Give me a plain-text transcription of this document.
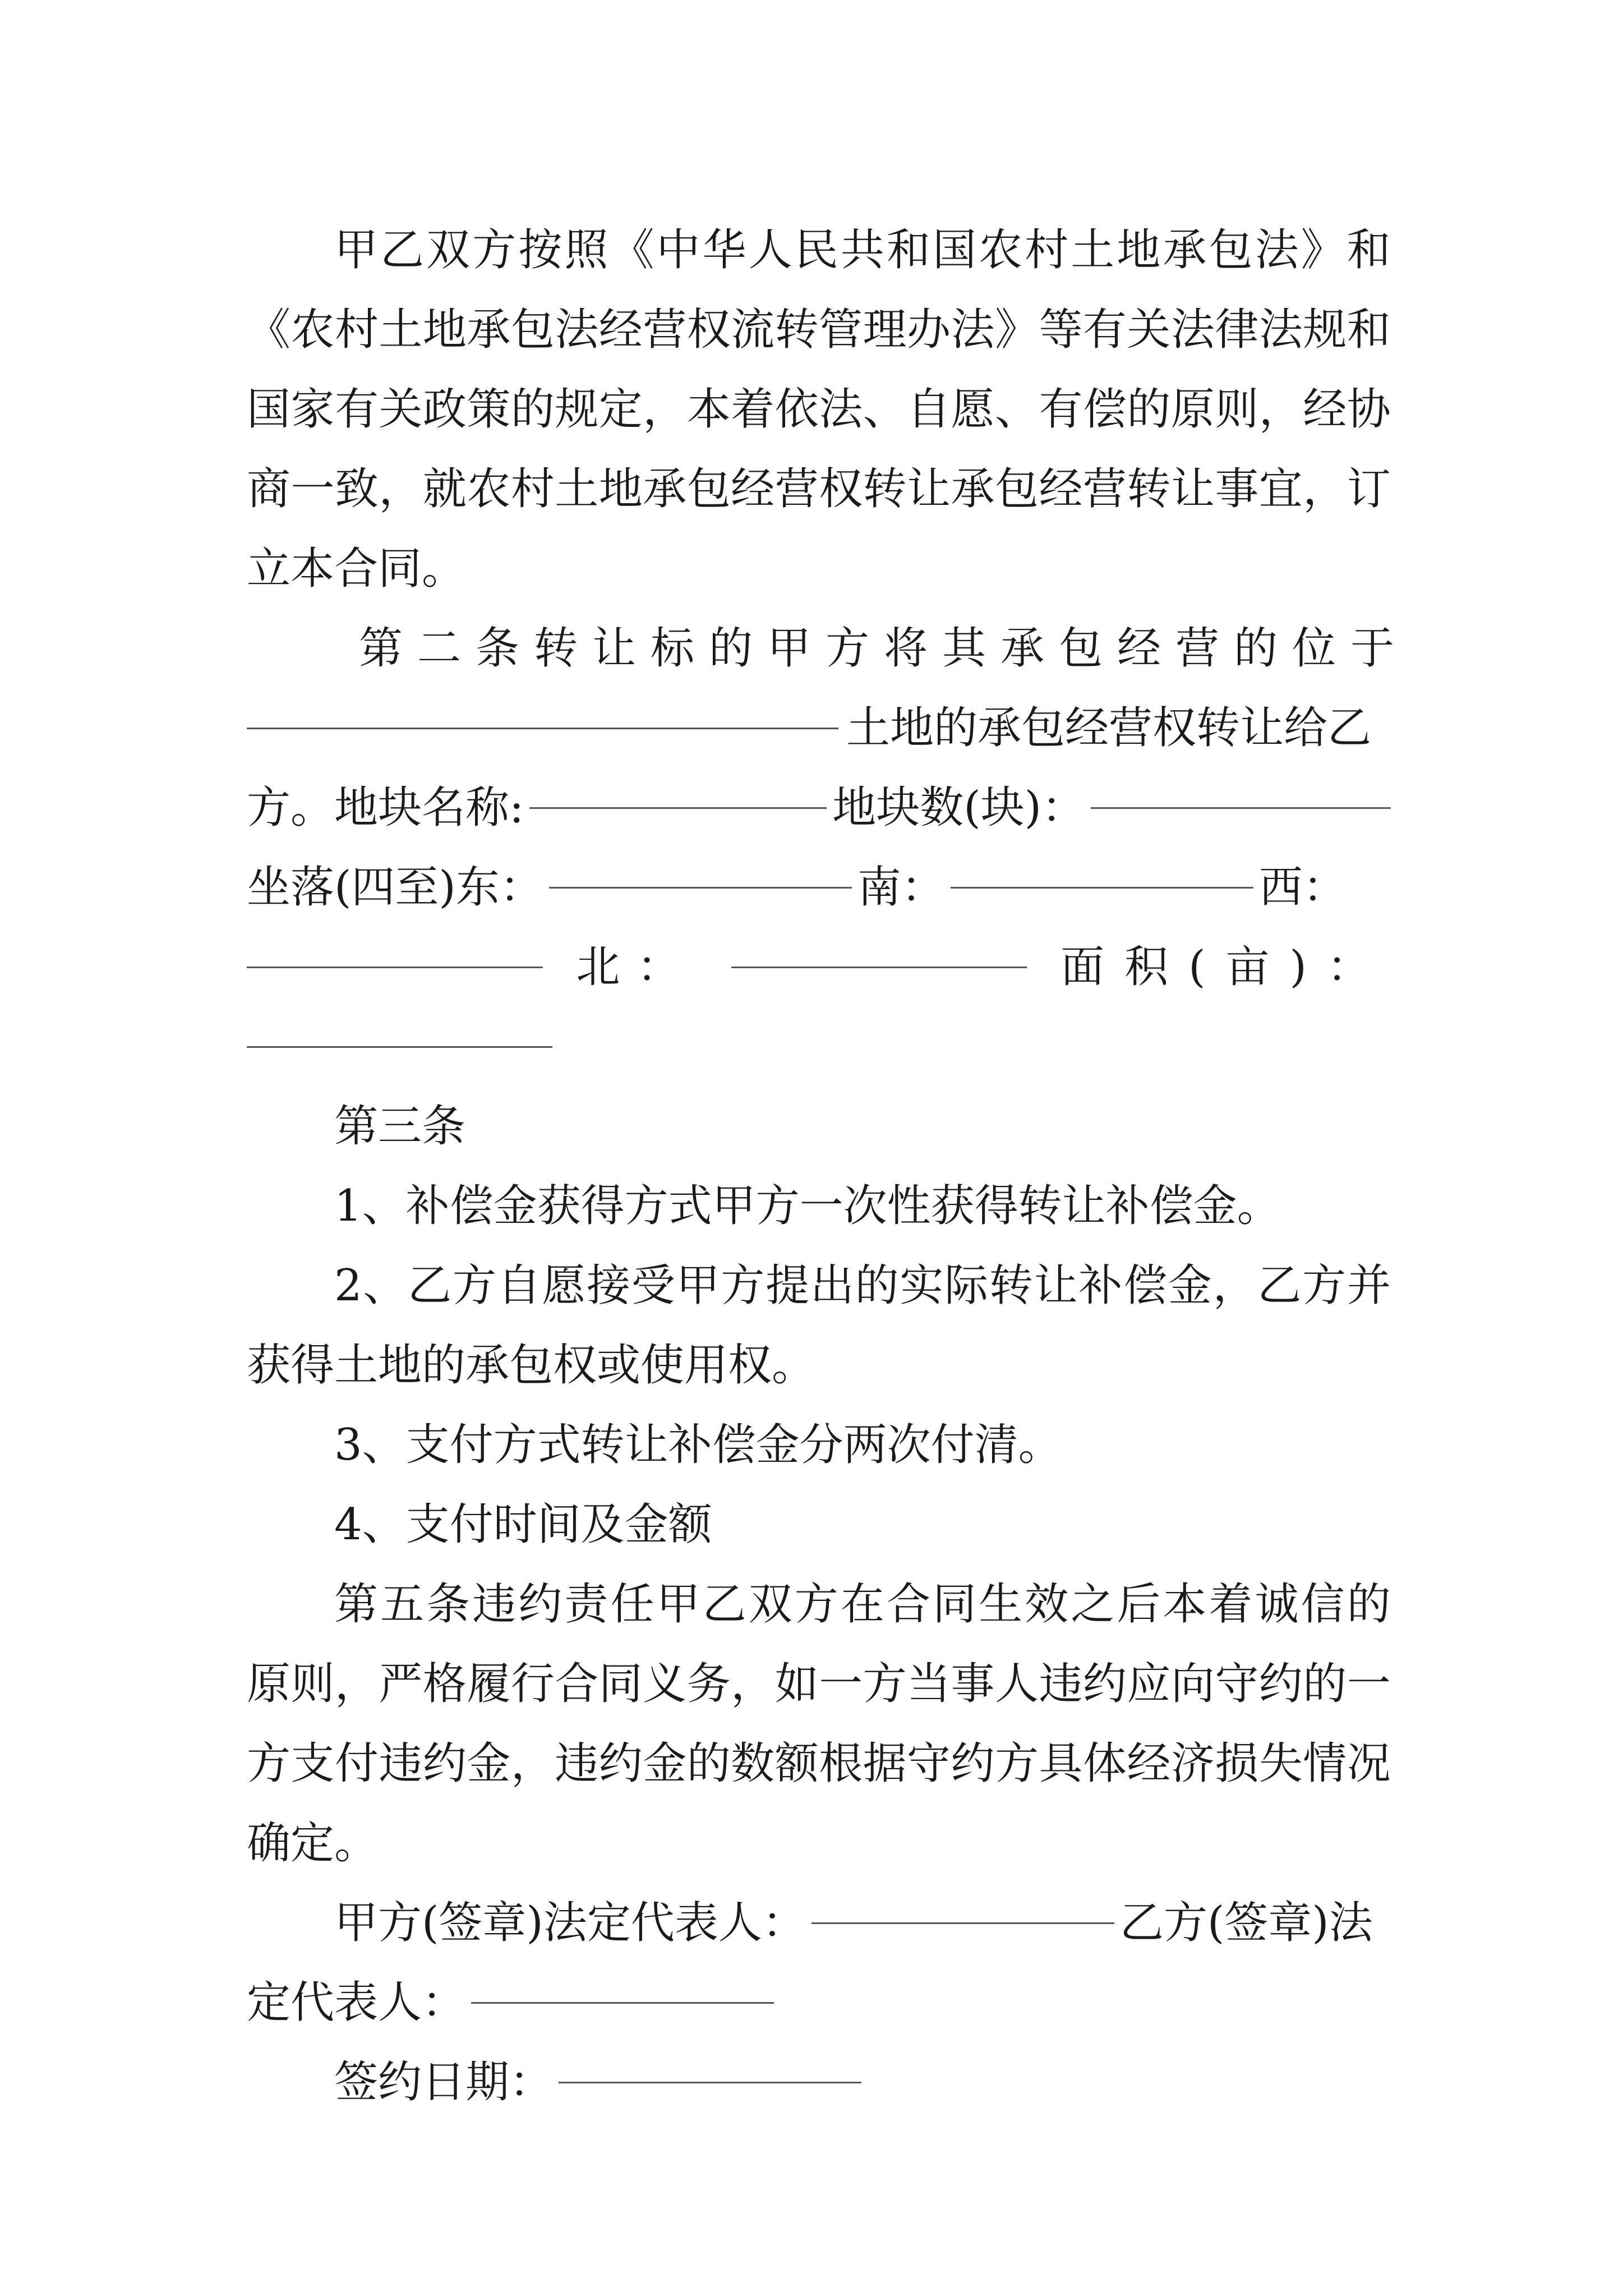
甲 乙 双 方 按 照 《 中 华 人 民 共 和 国 农 村 土 地 承 包 法 》 和
《 农 村 土 地 承 包 法 经 营 权 流 转 管 理 办 法 》 等 有 关 法 律 法 规 和
国 家 有 关 政 策 的 规 定 ， 本 着 依 法 、 自 愿 、 有 偿 的 原 则 ， 经 协
商 一 致 ， 就 农 村 土 地 承 包 经 营 权 转 让 承 包 经 营 转 让 事 宜 ， 订
立本合同。
第二条转让标的甲方将其承包经营的位于
土地的承包经营权转让给乙
方。地块名称:	地块数(块)：
坐落(四至)东：	南：	西：
北：	面积(亩)：
第三条
1、补偿金获得方式甲方一次性获得转让补偿金。
2 、 乙 方 自 愿 接 受 甲 方 提 出 的 实 际 转 让 补 偿 金 ， 乙 方 并
获得土地的承包权或使用权。
3、支付方式转让补偿金分两次付清。
4、支付时间及金额
第 五 条 违 约 责 任 甲 乙 双 方 在 合 同 生 效 之 后 本 着 诚 信 的
原 则 ， 严 格 履 行 合 同 义 务 ， 如 一 方 当 事 人 违 约 应 向 守 约 的 一
方 支 付 违 约 金 ， 违 约 金 的 数 额 根 据 守 约 方 具 体 经 济 损 失 情 况
确定。
甲方(签章)法定代表人：	乙方(签章)法
定代表人：
签约日期：
